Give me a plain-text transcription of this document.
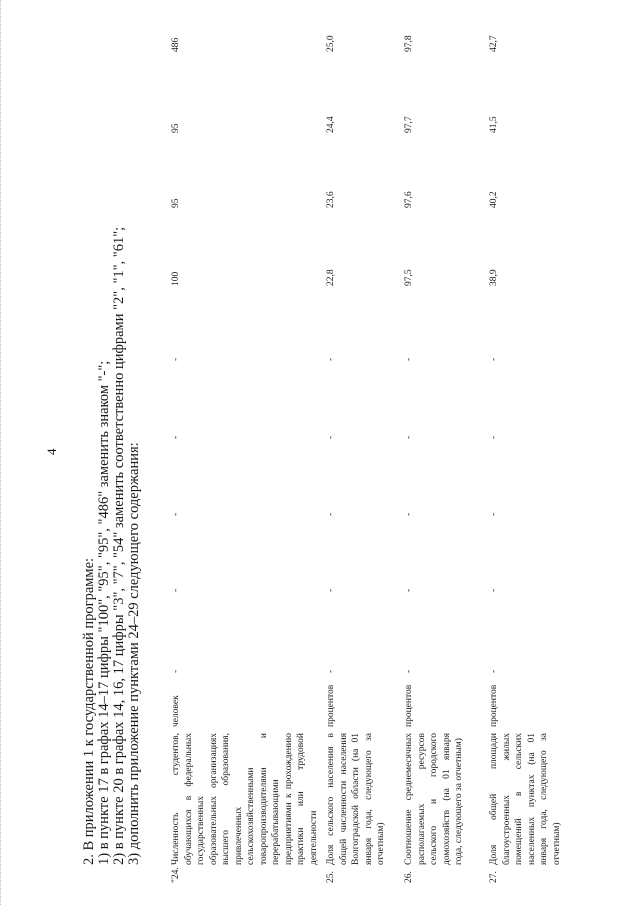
4
2. В приложении 1 к государственной программе: 1) в пункте 17 в графах 14–17 цифры "100", "95", "95", "486" заменить знаком "-"; 2) в пункте 20 в графах 14, 16, 17 цифры "3", "7", "54" заменить соответственно цифрами "2", "1", "61"; 3) дополнить приложение пунктами 24–29 следующего содержания:
"24.
Численность студентов, обучающихся в федеральных государственных образовательных организациях высшего образования, привлеченных сельскохозяйственными товаропроизводителями и перерабатывающими предприятиями к прохождению практики или трудовой деятельности
человек
-
-
-
-
-
100
95
95
486
25.
Доля сельского населения в общей численности населения Волгоградской области (на 01 января года, следующего за отчетным)
процентов
-
-
-
-
-
22,8
23,6
24,4
25,0
26.
Соотношение среднемесячных располагаемых ресурсов сельского и городского домохозяйств (на 01 января года, следующего за отчетным)
процентов
-
-
-
-
-
97,5
97,6
97,7
97,8
27.
Доля общей площади благоустроенных жилых помещений в сельских населенных пунктах (на 01 января года, следующего за отчетным)
процентов
-
-
-
-
-
38,9
40,2
41,5
42,7
